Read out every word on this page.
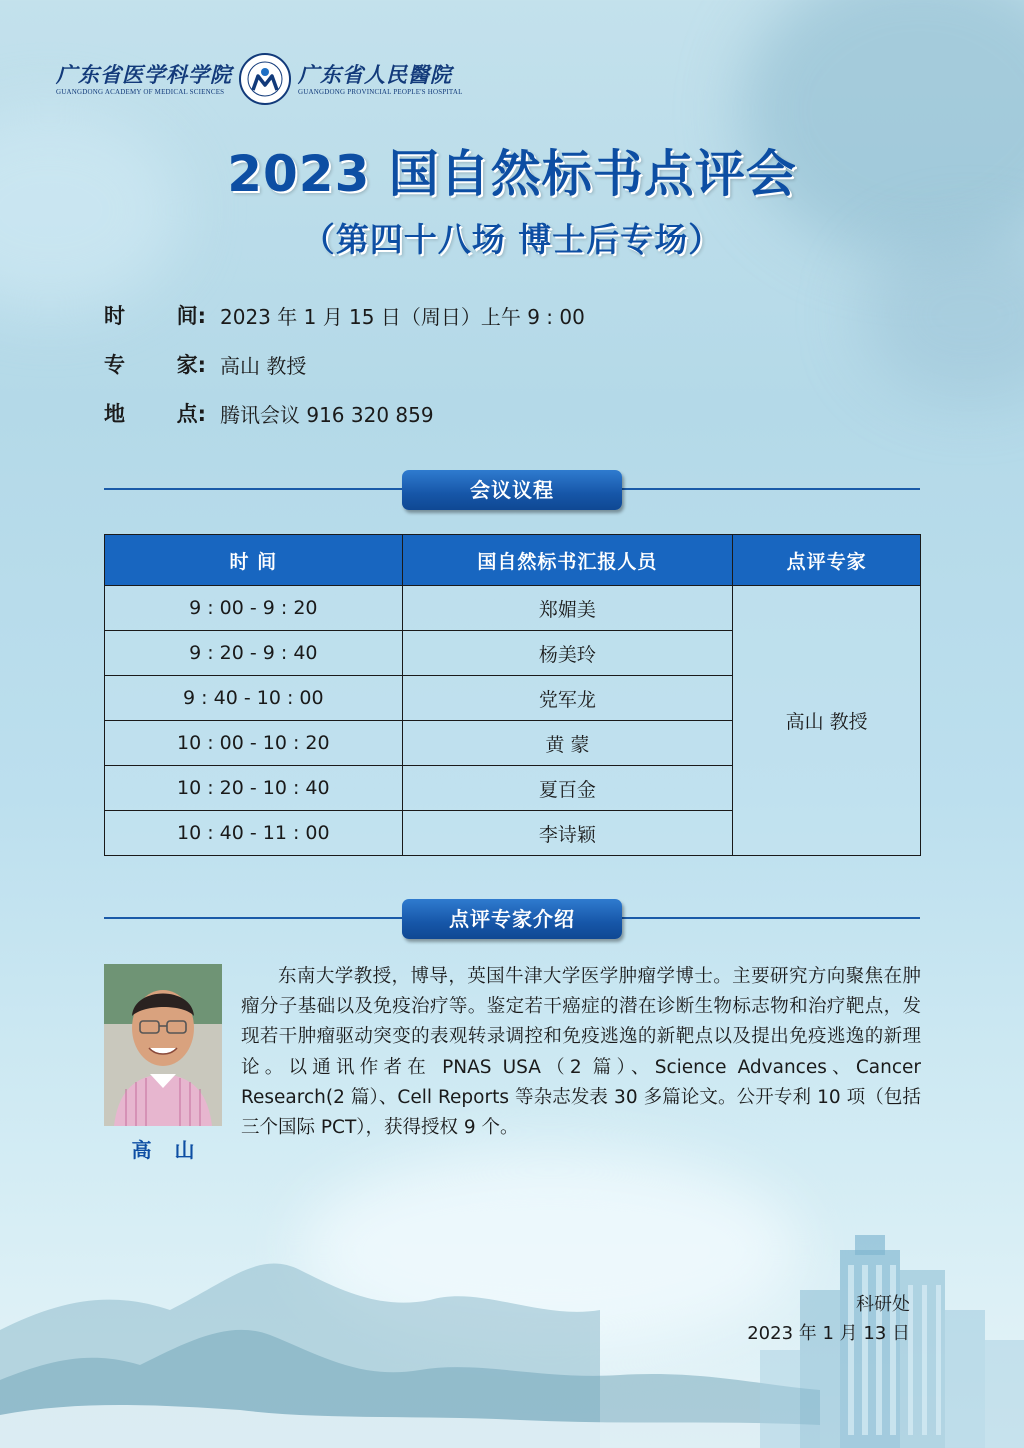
广东省医学科学院
GUANGDONG ACADEMY OF MEDICAL SCIENCES
广东省人民醫院
GUANGDONG PROVINCIAL PEOPLE'S HOSPITAL
2023 国自然标书点评会
（第四十八场 博士后专场）
时 间: 2023 年 1 月 15 日（周日）上午 9 : 00
专 家: 高山 教授
地 点: 腾讯会议 916 320 859
会议议程
时 间	国自然标书汇报人员	点评专家
9 : 00 - 9 : 20	郑媚美	高山 教授
9 : 20 - 9 : 40	杨美玲	
9 : 40 - 10 : 00	党军龙	
10 : 00 - 10 : 20	黄 蒙	
10 : 20 - 10 : 40	夏百金	
10 : 40 - 11 : 00	李诗颖	
点评专家介绍
高 山
东南大学教授，博导，英国牛津大学医学肿瘤学博士。主要研究方向聚焦在肿瘤分子基础以及免疫治疗等。鉴定若干癌症的潜在诊断生物标志物和治疗靶点，发现若干肿瘤驱动突变的表观转录调控和免疫逃逸的新靶点以及提出免疫逃逸的新理论。以通讯作者在 PNAS USA（2 篇）、Science Advances、Cancer Research(2 篇）、Cell Reports 等杂志发表 30 多篇论文。公开专利 10 项（包括三个国际 PCT），获得授权 9 个。
科研处
2023 年 1 月 13 日
